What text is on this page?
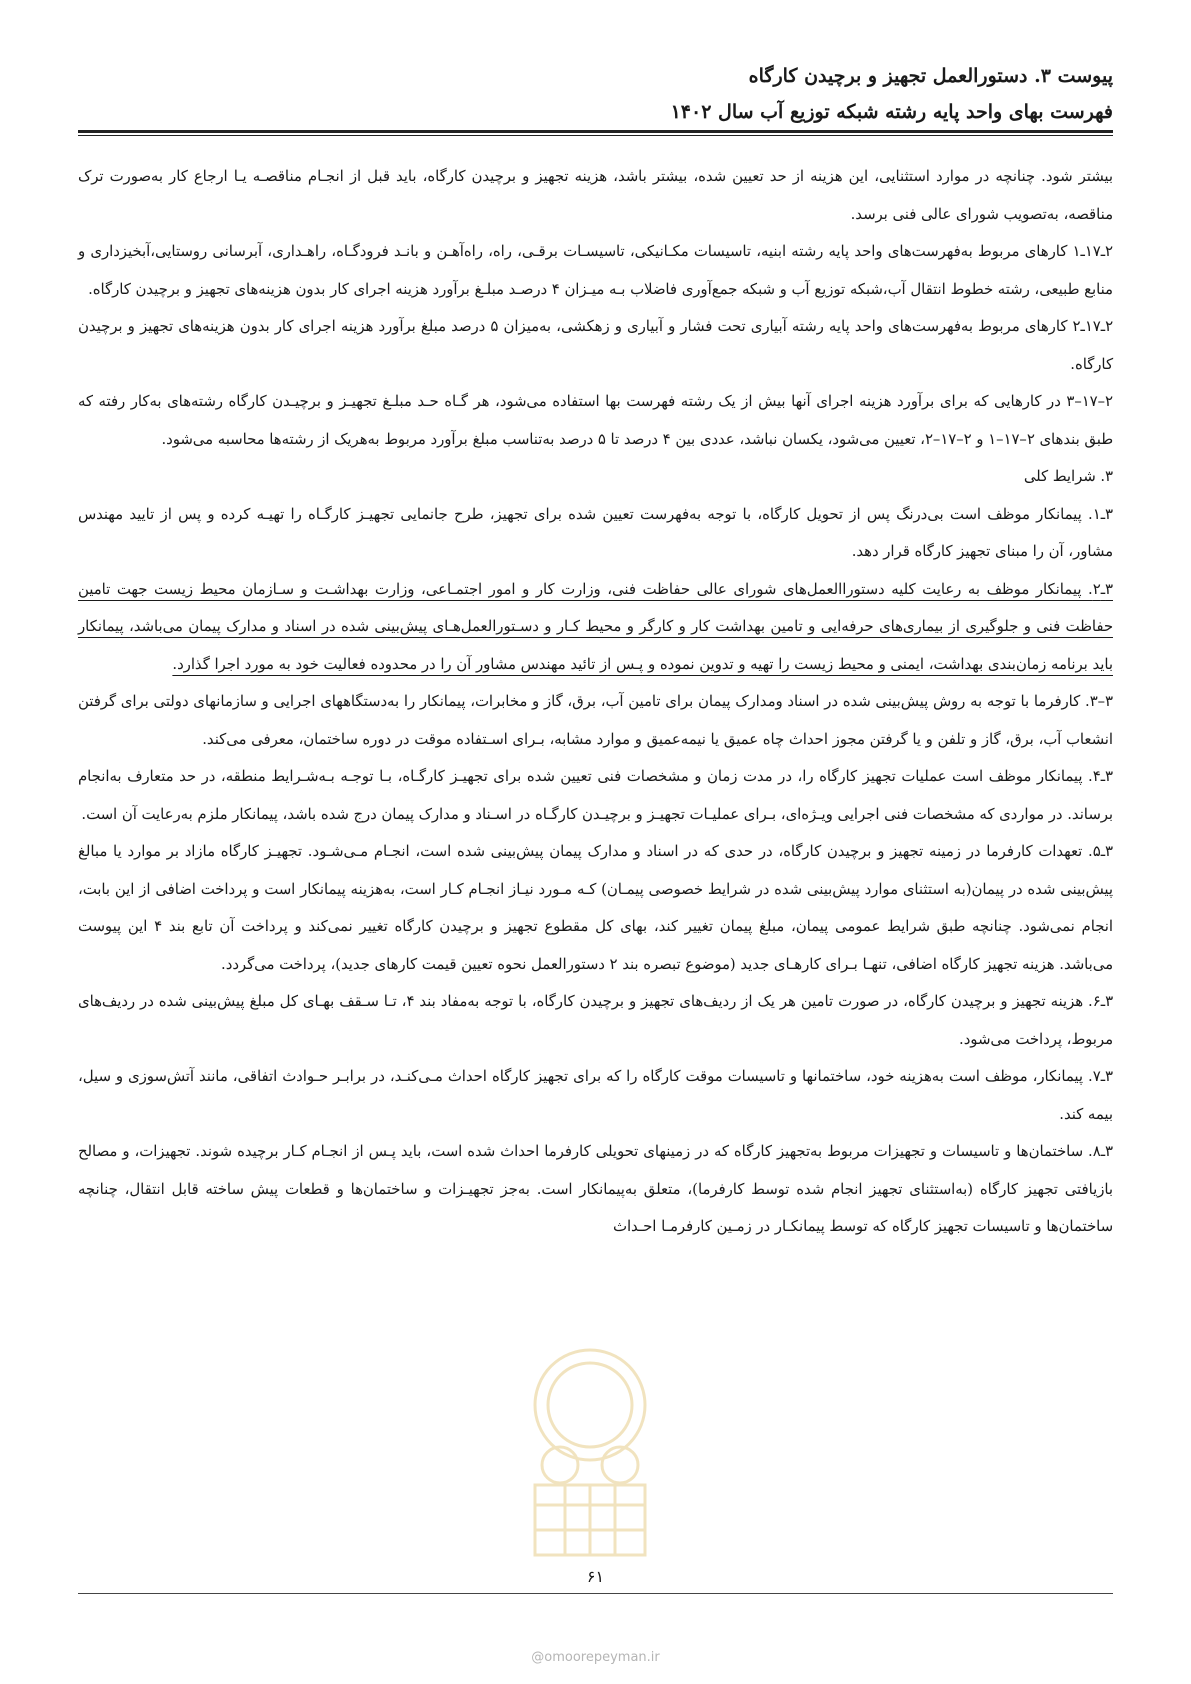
پیوست ۳. دستورالعمل تجهیز و برچیدن کارگاه
فهرست بهای واحد پایه رشته شبکه توزیع آب سال ۱۴۰۲

بیشتر شود. چنانچه در موارد استثنایی، این هزینه از حد تعیین شده، بیشتر باشد، هزینه تجهیز و برچیدن کارگاه، باید قبل از انجـام مناقصـه یـا ارجاع کار به‌صورت ترک مناقصه، به‌تصویب شورای عالی فنی برسد.

۲ـ۱۷ـ۱ کارهای مربوط به‌فهرست‌های واحد پایه رشته ابنیه، تاسیسات مکـانیکی، تاسیسـات برقـی، راه، راه‌آهـن و بانـد فرودگـاه، راهـداری، آبرسانی روستایی،آبخیزداری و منابع طبیعی، رشته خطوط انتقال آب،شبکه توزیع آب و شبکه جمع‌آوری فاضلاب بـه میـزان ۴ درصـد مبلـغ برآورد هزینه اجرای کار بدون هزینه‌های تجهیز و برچیدن کارگاه.

۲ـ۱۷ـ۲ کارهای مربوط به‌فهرست‌های واحد پایه رشته آبیاری تحت فشار و آبیاری و زهکشی، به‌میزان ۵ درصد مبلغ برآورد هزینه اجرای کار بدون هزینه‌های تجهیز و برچیدن کارگاه.

۲–۱۷–۳ در کارهایی که برای برآورد هزینه اجرای آنها بیش از یک رشته فهرست بها استفاده می‌شود، هر گـاه حـد مبلـغ تجهیـز و برچیـدن کارگاه رشته‌های به‌کار رفته که طبق بندهای ۲–۱۷–۱ و ۲–۱۷–۲، تعیین می‌شود، یکسان نباشد، عددی بین ۴ درصد تا ۵ درصد به‌تناسب مبلغ برآورد مربوط به‌هریک از رشته‌ها محاسبه می‌شود.

۳. شرایط کلی

۳ـ۱. پیمانکار موظف است بی‌درنگ پس از تحویل کارگاه، با توجه به‌فهرست تعیین شده برای تجهیز، طرح جانمایی تجهیـز کارگـاه را تهیـه کرده و پس از تایید مهندس مشاور، آن را مبنای تجهیز کارگاه قرار دهد.

۳ـ۲. پیمانکار موظف به رعایت کلیه دستوراالعمل‌های شورای عالی حفاظت فنی، وزارت کار و امور اجتمـاعی، وزارت بهداشـت و سـازمان محیط زیست جهت تامین حفاظت فنی و جلوگیری از بیماری‌های حرفه‌ایی و تامین بهداشت کار و کارگر و محیط کـار و دسـتورالعمل‌هـای پیش‌بینی شده در اسناد و مدارک پیمان می‌باشد، پیمانکار باید برنامه زمان‌بندی بهداشت، ایمنی و محیط زیست را تهیه و تدوین نموده و پـس از تائید مهندس مشاور آن را در محدوده فعالیت خود به مورد اجرا گذارد.

۳–۳. کارفرما با توجه به روش پیش‌بینی شده در اسناد ومدارک پیمان برای تامین آب، برق، گاز و مخابرات، پیمانکار را به‌دستگاههای اجرایی و سازمانهای دولتی برای گرفتن انشعاب آب، برق، گاز و تلفن و یا گرفتن مجوز احداث چاه عمیق یا نیمه‌عمیق و موارد مشابه، بـرای اسـتفاده موقت در دوره ساختمان، معرفی می‌کند.

۳ـ۴. پیمانکار موظف است عملیات تجهیز کارگاه را، در مدت زمان و مشخصات فنی تعیین شده برای تجهیـز کارگـاه، بـا توجـه بـه‌شـرایط منطقه، در حد متعارف به‌انجام برساند. در مواردی که مشخصات فنی اجرایی ویـژه‌ای، بـرای عملیـات تجهیـز و برچیـدن کارگـاه در اسـناد و مدارک پیمان درج شده باشد، پیمانکار ملزم به‌رعایت آن است.

۳ـ۵. تعهدات کارفرما در زمینه تجهیز و برچیدن کارگاه، در حدی که در اسناد و مدارک پیمان پیش‌بینی شده است، انجـام مـی‌شـود. تجهیـز کارگاه مازاد بر موارد یا مبالغ پیش‌بینی شده در پیمان(به استثنای موارد پیش‌بینی شده در شرایط خصوصی پیمـان) کـه مـورد نیـاز انجـام کـار است، به‌هزینه پیمانکار است و پرداخت اضافی از این بابت، انجام نمی‌شود. چنانچه طبق شرایط عمومی پیمان، مبلغ پیمان تغییر کند، بهای کل مقطوع تجهیز و برچیدن کارگاه تغییر نمی‌کند و پرداخت آن تابع بند ۴ این پیوست می‌باشد. هزینه تجهیز کارگاه اضافی، تنهـا بـرای کارهـای جدید (موضوع تبصره بند ۲ دستورالعمل نحوه تعیین قیمت کارهای جدید)، پرداخت می‌گردد.

۳ـ۶. هزینه تجهیز و برچیدن کارگاه، در صورت تامین هر یک از ردیف‌های تجهیز و برچیدن کارگاه، با توجه به‌مفاد بند ۴، تـا سـقف بهـای کل مبلغ پیش‌بینی شده در ردیف‌های مربوط، پرداخت می‌شود.

۳ـ۷. پیمانکار، موظف است به‌هزینه خود، ساختمانها و تاسیسات موقت کارگاه را که برای تجهیز کارگاه احداث مـی‌کنـد، در برابـر حـوادث اتفاقی، مانند آتش‌سوزی و سیل، بیمه کند.

۳ـ۸. ساختمان‌ها و تاسیسات و تجهیزات مربوط به‌تجهیز کارگاه که در زمینهای تحویلی کارفرما احداث شده است، باید پـس از انجـام کـار برچیده شوند. تجهیزات، و مصالح بازیافتی تجهیز کارگاه (به‌استثنای تجهیز انجام شده توسط کارفرما)، متعلق به‌پیمانکار است. به‌جز تجهیـزات و ساختمان‌ها و قطعات پیش ساخته قابل انتقال، چنانچه ساختمان‌ها و تاسیسات تجهیز کارگاه که توسط پیمانکـار در زمـین کارفرمـا احـداث

۶۱
@omoorepeyman.ir
